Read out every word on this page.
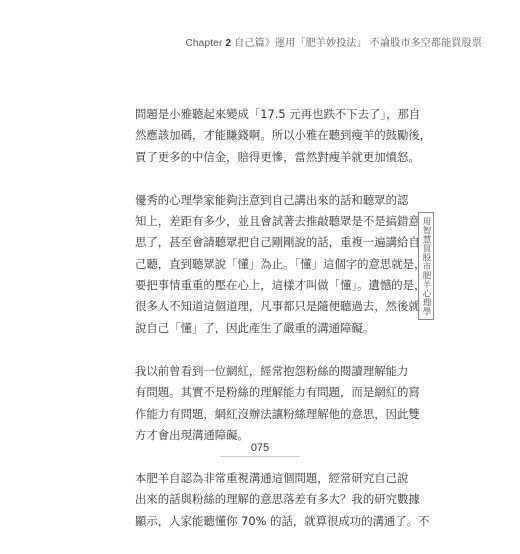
Chapter 2 自己篇》運用「肥羊妙投法」 不論股市多空都能買股票

問題是小雅聽起來變成「17.5 元再也跌不下去了」，那自
然應該加碼，才能賺錢啊。所以小雅在聽到瘦羊的鼓勵後，
買了更多的中信金，賠得更慘，當然對瘦羊就更加憤怒。

優秀的心理學家能夠注意到自己講出來的話和聽眾的認
知上，差距有多少，並且會試著去推敲聽眾是不是搞錯意
思了，甚至會請聽眾把自己剛剛說的話，重複一遍講給自
己聽，直到聽眾說「懂」為止。「懂」這個字的意思就是，
要把事情重重的壓在心上，這樣才叫做「懂」。遺憾的是，
很多人不知道這個道理，凡事都只是隨便聽過去，然後就
說自己「懂」了，因此產生了嚴重的溝通障礙。

我以前曾看到一位網紅，經常抱怨粉絲的閱讀理解能力
有問題。其實不是粉絲的理解能力有問題，而是網紅的寫
作能力有問題，網紅沒辦法讓粉絲理解他的意思，因此雙
方才會出現溝通障礙。

本肥羊自認為非常重視溝通這個問題，經常研究自己說
出來的話與粉絲的理解的意思落差有多大？我的研究數據
顯示，人家能聽懂你 70% 的話，就算很成功的溝通了。不

用智慧買股市肥羊心理學
075
